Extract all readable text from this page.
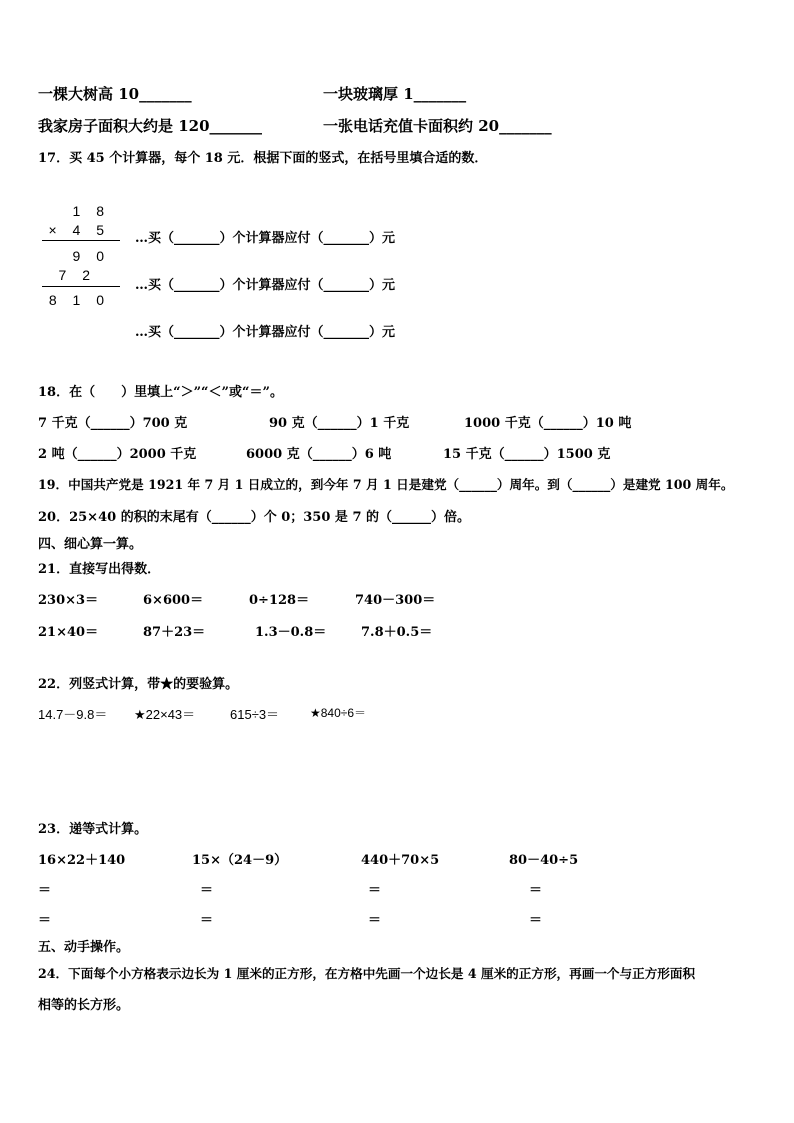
一棵大树高 10_______	一块玻璃厚 1_______
我家房子面积大约是 120_______	一张电话充值卡面积约 20_______
17．买 45 个计算器，每个 18 元．根据下面的竖式，在括号里填合适的数．
1 8
× 4 5
9 0
7 2
8 1 0
…买（_______）个计算器应付（_______）元
…买（_______）个计算器应付（_______）元
…买（_______）个计算器应付（_______）元
18．在（　　）里填上“＞”“＜”或“＝”。
7 千克（______）700 克	90 克（______）1 千克	1000 千克（______）10 吨
2 吨（______）2000 千克	6000 克（______）6 吨	15 千克（______）1500 克
19．中国共产党是 1921 年 7 月 1 日成立的，到今年 7 月 1 日是建党（______）周年。到（______）是建党 100 周年。
20．25×40 的积的末尾有（______）个 0；350 是 7 的（______）倍。
四、细心算一算。
21．直接写出得数．
230×3＝	6×600＝	0÷128＝	740－300＝
21×40＝	87＋23＝	1.3－0.8＝	7.8＋0.5＝
22．列竖式计算，带★的要验算。
14.7－9.8＝ ★22×43＝	615÷3＝	★840÷6＝
23．递等式计算。
16×22＋140	15×（24－9）	440＋70×5	80－40÷5
＝	＝	＝	＝
＝	＝	＝	＝
五、动手操作。
24．下面每个小方格表示边长为 1 厘米的正方形，在方格中先画一个边长是 4 厘米的正方形，再画一个与正方形面积
相等的长方形。
